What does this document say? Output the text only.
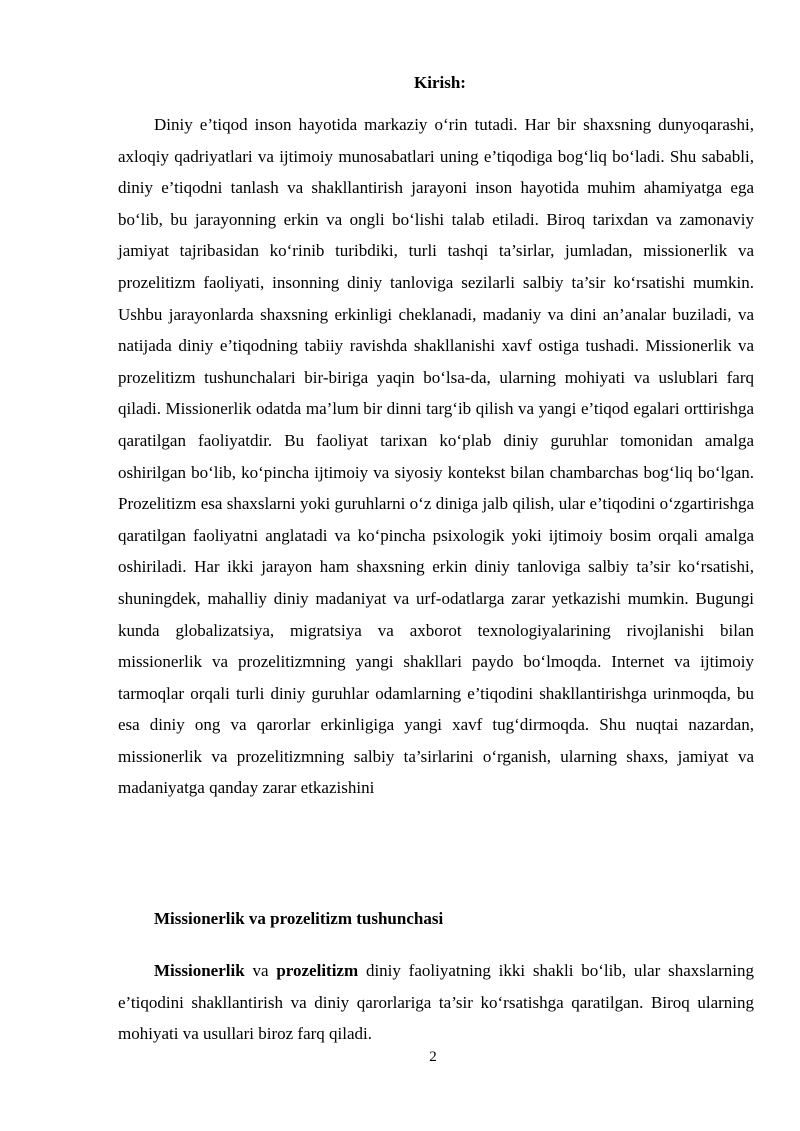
Kirish:

Diniy e’tiqod inson hayotida markaziy o‘rin tutadi. Har bir shaxsning dunyoqarashi, axloqiy qadriyatlari va ijtimoiy munosabatlari uning e’tiqodiga bog‘liq bo‘ladi. Shu sababli, diniy e’tiqodni tanlash va shakllantirish jarayoni inson hayotida muhim ahamiyatga ega bo‘lib, bu jarayonning erkin va ongli bo‘lishi talab etiladi. Biroq tarixdan va zamonaviy jamiyat tajribasidan ko‘rinib turibdiki, turli tashqi ta’sirlar, jumladan, missionerlik va prozelitizm faoliyati, insonning diniy tanloviga sezilarli salbiy ta’sir ko‘rsatishi mumkin. Ushbu jarayonlarda shaxsning erkinligi cheklanadi, madaniy va dini an’analar buziladi, va natijada diniy e’tiqodning tabiiy ravishda shakllanishi xavf ostiga tushadi. Missionerlik va prozelitizm tushunchalari bir-biriga yaqin bo‘lsa-da, ularning mohiyati va uslublari farq qiladi. Missionerlik odatda ma’lum bir dinni targ‘ib qilish va yangi e’tiqod egalari orttirishga qaratilgan faoliyatdir. Bu faoliyat tarixan ko‘plab diniy guruhlar tomonidan amalga oshirilgan bo‘lib, ko‘pincha ijtimoiy va siyosiy kontekst bilan chambarchas bog‘liq bo‘lgan. Prozelitizm esa shaxslarni yoki guruhlarni o‘z diniga jalb qilish, ular e’tiqodini o‘zgartirishga qaratilgan faoliyatni anglatadi va ko‘pincha psixologik yoki ijtimoiy bosim orqali amalga oshiriladi. Har ikki jarayon ham shaxsning erkin diniy tanloviga salbiy ta’sir ko‘rsatishi, shuningdek, mahalliy diniy madaniyat va urf-odatlarga zarar yetkazishi mumkin. Bugungi kunda globalizatsiya, migratsiya va axborot texnologiyalarining rivojlanishi bilan missionerlik va prozelitizmning yangi shakllari paydo bo‘lmoqda. Internet va ijtimoiy tarmoqlar orqali turli diniy guruhlar odamlarning e’tiqodini shakllantirishga urinmoqda, bu esa diniy ong va qarorlar erkinligiga yangi xavf tug‘dirmoqda. Shu nuqtai nazardan, missionerlik va prozelitizmning salbiy ta’sirlarini o‘rganish, ularning shaxs, jamiyat va madaniyatga qanday zarar etkazishini

Missionerlik va prozelitizm tushunchasi

Missionerlik va prozelitizm diniy faoliyatning ikki shakli bo‘lib, ular shaxslarning e’tiqodini shakllantirish va diniy qarorlariga ta’sir ko‘rsatishga qaratilgan. Biroq ularning mohiyati va usullari biroz farq qiladi.

2
